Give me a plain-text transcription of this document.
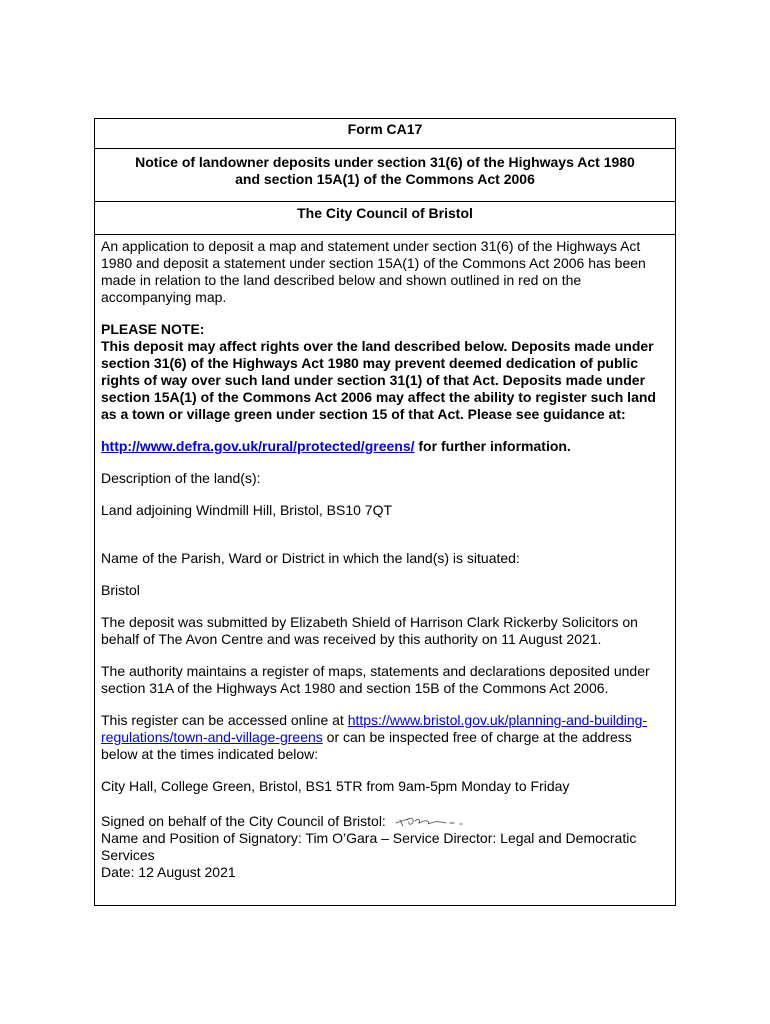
Form CA17
Notice of landowner deposits under section 31(6) of the Highways Act 1980
and section 15A(1) of the Commons Act 2006
The City Council of Bristol

An application to deposit a map and statement under section 31(6) of the Highways Act 1980 and deposit a statement under section 15A(1) of the Commons Act 2006 has been made in relation to the land described below and shown outlined in red on the accompanying map.

PLEASE NOTE:
This deposit may affect rights over the land described below. Deposits made under section 31(6) of the Highways Act 1980 may prevent deemed dedication of public rights of way over such land under section 31(1) of that Act. Deposits made under section 15A(1) of the Commons Act 2006 may affect the ability to register such land as a town or village green under section 15 of that Act. Please see guidance at:

http://www.defra.gov.uk/rural/protected/greens/ for further information.

Description of the land(s):

Land adjoining Windmill Hill, Bristol, BS10 7QT

Name of the Parish, Ward or District in which the land(s) is situated:

Bristol

The deposit was submitted by Elizabeth Shield of Harrison Clark Rickerby Solicitors on behalf of The Avon Centre and was received by this authority on 11 August 2021.

The authority maintains a register of maps, statements and declarations deposited under section 31A of the Highways Act 1980 and section 15B of the Commons Act 2006.

This register can be accessed online at https://www.bristol.gov.uk/planning-and-building-regulations/town-and-village-greens or can be inspected free of charge at the address below at the times indicated below:

City Hall, College Green, Bristol, BS1 5TR from 9am-5pm Monday to Friday

Signed on behalf of the City Council of Bristol:
Name and Position of Signatory: Tim O’Gara – Service Director: Legal and Democratic Services
Date: 12 August 2021
